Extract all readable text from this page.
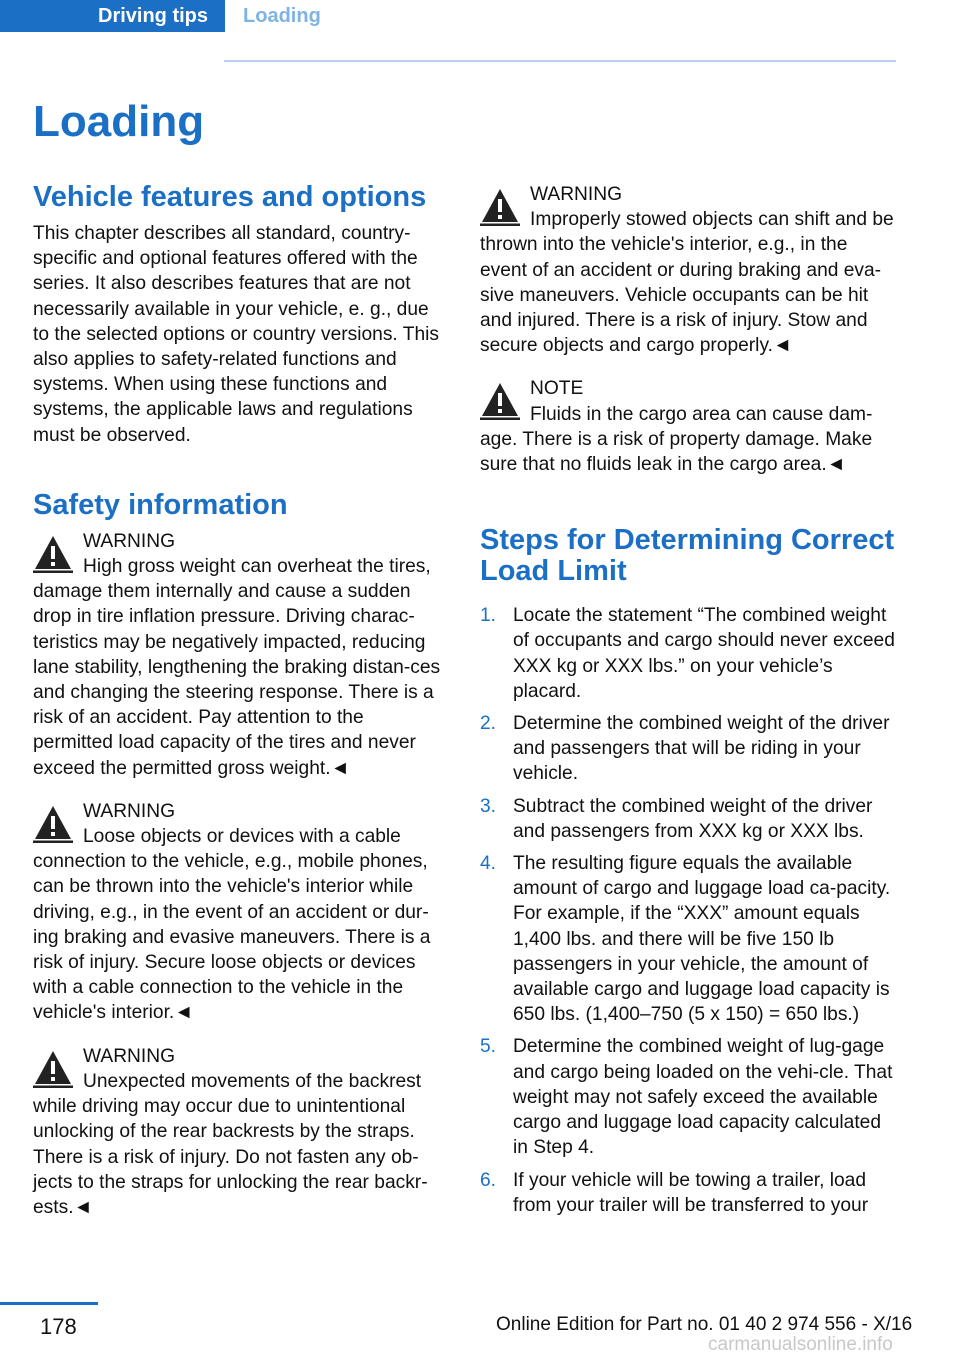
Driving tips	Loading
Loading
Vehicle features and options

This chapter describes all standard, country-specific and optional features offered with the series. It also describes features that are not necessarily available in your vehicle, e. g., due to the selected options or country versions. This also applies to safety-related functions and systems. When using these functions and systems, the applicable laws and regulations must be observed.

Safety information
WARNING
High gross weight can overheat the tires, damage them internally and cause a sudden drop in tire inflation pressure. Driving charac-teristics may be negatively impacted, reducing lane stability, lengthening the braking distan-ces and changing the steering response. There is a risk of an accident. Pay attention to the permitted load capacity of the tires and never exceed the permitted gross weight.◄
WARNING
Loose objects or devices with a cable connection to the vehicle, e.g., mobile phones, can be thrown into the vehicle's interior while driving, e.g., in the event of an accident or dur-ing braking and evasive maneuvers. There is a risk of injury. Secure loose objects or devices with a cable connection to the vehicle in the vehicle's interior.◄
WARNING
Unexpected movements of the backrest while driving may occur due to unintentional unlocking of the rear backrests by the straps. There is a risk of injury. Do not fasten any ob-jects to the straps for unlocking the rear backr-ests.◄
WARNING
Improperly stowed objects can shift and be thrown into the vehicle's interior, e.g., in the event of an accident or during braking and eva-sive maneuvers. Vehicle occupants can be hit and injured. There is a risk of injury. Stow and secure objects and cargo properly.◄
NOTE
Fluids in the cargo area can cause dam-age. There is a risk of property damage. Make sure that no fluids leak in the cargo area.◄
Steps for Determining Correct Load Limit
1. Locate the statement “The combined weight of occupants and cargo should never exceed XXX kg or XXX lbs.” on your vehicle’s placard.
2. Determine the combined weight of the driver and passengers that will be riding in your vehicle.
3. Subtract the combined weight of the driver and passengers from XXX kg or XXX lbs.
4. The resulting figure equals the available amount of cargo and luggage load ca-pacity. For example, if the “XXX” amount equals 1,400 lbs. and there will be five 150 lb passengers in your vehicle, the amount of available cargo and luggage load capacity is 650 lbs. (1,400–750 (5 x 150) = 650 lbs.)
5. Determine the combined weight of lug-gage and cargo being loaded on the vehi-cle. That weight may not safely exceed the available cargo and luggage load capacity calculated in Step 4.
6. If your vehicle will be towing a trailer, load from your trailer will be transferred to your
178	Online Edition for Part no. 01 40 2 974 556 - X/16
carmanualsonline.info
